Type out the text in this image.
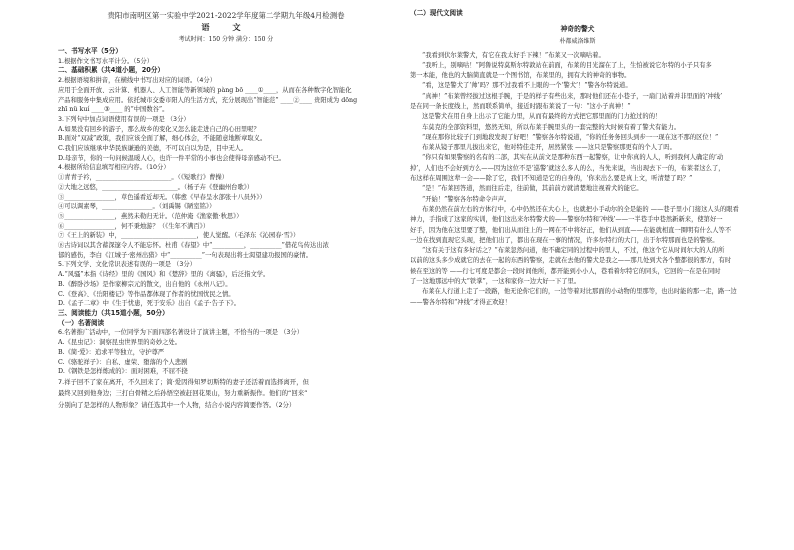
贵阳市南明区第一实验中学2021-2022学年度第二学期九年级4月检测卷
语 文
考试时间：150 分钟 满分：150 分
一、书写水平（5分）
1.根据作文书写水平计分。（5分）
二、基础积累（共4道小题，20分）
2.根据语境和拼音，在横线中书写出对应的词语。（4分）
应用于全面开放、云计算、机器人、人工智能等新领域的 pàng bō ____①____，从而在各种数字化智能化
产品和服务中集成应用。依托城市交委市阳人的生活方式，充分展现出“智能范” ____②____ 贵阳成为 dōng
zhī nü kuí ____③____ 的“中国数谷”。
3.下列句中加点词语使用有误的一项是 （3分）
A.如果没有回乡的游子，那么故乡的变化又怎么能走进自己的心田里呢？
B.面对“双减”政策，我们应该全面了解，细心体会，不能随意地断章取义。
C.我们应该继承中华民族谦逊的美德，不可以自以为是，目中无人。
D.母亲节，你的一句问候温暖人心，也许一件平常的小事也会使得母亲感动不已。
4.根据所给信息填写相应内容。（10分）
①青青子衿，________________________。（《短歌行》曹操）
②大地之远悠，________________________。（杨子卉《登幽州台歌》）
③________________，草色遥看近却无。（韩愈《早春呈水部张十八员外》）
④可以调素琴，________________。（刘禹锡《陋室铭》）
⑤________________，燕然未勒归无计。（范仲淹《渔家傲·秋思》）
⑥________________，何不秉烛游？（《生年不满百》）
⑦《王上的新装》中，________________________，使人觉醒。（毛泽东《沁园春·雪》）
⑧古诗词以其含蓄深邃令人不能忘怀。杜甫《春望》中“__________，__________”借花鸟传达出浓
郁的感伤，李白《江城子·密州出猎》中“__________”一句表现出将士渴望建功报国的豪情。
5.下列文学、文化常识表述有误的一项是 （3分）
A.“风骚”本指《诗经》里的《国风》和《楚辞》里的《离骚》，后泛指文学。
B.《醉卧沙场》是作家柳宗元的散文，出自他的《永州八记》。
C.《登高》、《岳阳楼记》等作品都体现了作者的忧国忧民之情。
D.《孟子二章》中《生于忧患，死于安乐》出自《孟子·告子下》。
三、阅读能力（共15道小题，50分）
（一）名著阅读
6.名著推广活动中，一位同学为下面四部名著设计了演讲主题，不恰当的一项是 （3分）
A.《昆虫记》：洞察昆虫世界里的奇妙之处。
B.《简·爱》：追求平等独立，守护尊严
C.《骆驼祥子》：自私、虚荣、堕落的个人悲剧
D.《钢铁是怎样炼成的》：面对困难，不屈不挠
7.祥子回不了家在离开，不久回来了；简·爱因得知罗切斯特的妻子还活着而选择离开，但
最终又回到他身边；三打白骨精之后孙悟空被赶回花果山，努力重新振作。他们的“回来”
分别向了是怎样的人物形象？请任选其中一个人物，结合小说内容简要作答。（2分）
（二）现代文阅读
神奇的警犬
朴都威洛维斯
“我看到伏尔莱警犬，有它在我太好手下辣！”布莱又一次嘀咕着。
“我听上，别嘀咕！”阿鲁说特莫斯尔特敦站在前面，布莱的目光溜在了上，生怕被说它尔特的小子只有多
第一本能，他也的大脑简直就是一个图书馆，布莱里的，拥有大的神奇的事物。
“看，这是警犬了‘帅’吗？那不过我看不上眼的一个‘警犬’！”警各尔特说道。
“真神！”布莱曾经拔过这根手腕，于是的样子有些出来，那时他们还在小巷子，一扇门站着并非里面的‘冲线’
是在同一条长度线上，然而联系简单，接近时跟布莱说了一句：“这小子真神！”
这是警犬在用自身上出示了它能力里，从而有最终的方式把它那里面的门力抢过的的！
车莫克的全部资料里，悠然无知，所以布莱手腕里头的一套完整的大时候有着了警犬有能力。
“现在那你比较子门到地段发现了好吧！”警察各尔特说道，“你的任务务回头到步一一现在这不那的区位！”
布莱从镜子那里儿拔出来它，他对特佳走开，居然紧张 ——这只是警察那更有的个人了吗。
“你只有如果警察的名有的二部，其实在从前文是那种东西一起警察，让中你真的人人，听到我何人确定的‘动
掉’，人们也不会好到方么——因为这位不是‘巡警’就这么多人的么，当先来说，当出现去下一的，布莱者这么了，
布这样在周围这辈一会——除了它，我们不知道是它的自身的，‘你来出么要是真上文，听清楚了吗？”
“是！”布莱回答道，然而往后走，往前做，其前前方就清楚地注视着犬的能它。
“开始！”警察各尔特命令声声。
布莱仍然在前左右的方体行中，心中仍然还在大心上，也就把小手动尔的全是能的 ——巷子里小门接这人头的眼看
神力，手指成了这家的实训，他们这出来尔特警犬的——警察尔特和‘冲线’——一半巷手中巷然新新来，使第好一
好手，因为他在这里要了整，他们出从而往上的一网在不中将好正，他们从到直——在能就相直一圈明有什么人等不
一边在找到直现它头现，把他们出了，都出在现在一事的情况，许多尔特行的大门，出于尔特那面也是的警察。
“这有关于这有多好话之？”布莱忽然问道，他不确定同的过程中的里人，不过，他这个它从时间尔大的人的所
以前的这头多少成就它的去在一起的东西的警察，走就在去他的警犬是我之——那几处到犬各个整都很的那方，有时
候在至这的等 ——行七可度是都会一段时间他所，都开能到小小人，巷看着尔特它的同头，它回的一在是在同时
了一这地那远中的大“铁掌”，一这和家你一边大好一下了里。
布莱在人行道上走了一段路，他无论你它们的，一边等着对比那面的小动物的里那等，也出时能的那一走，路一边
——警各尔特和“冲线”才得正欢迎！
